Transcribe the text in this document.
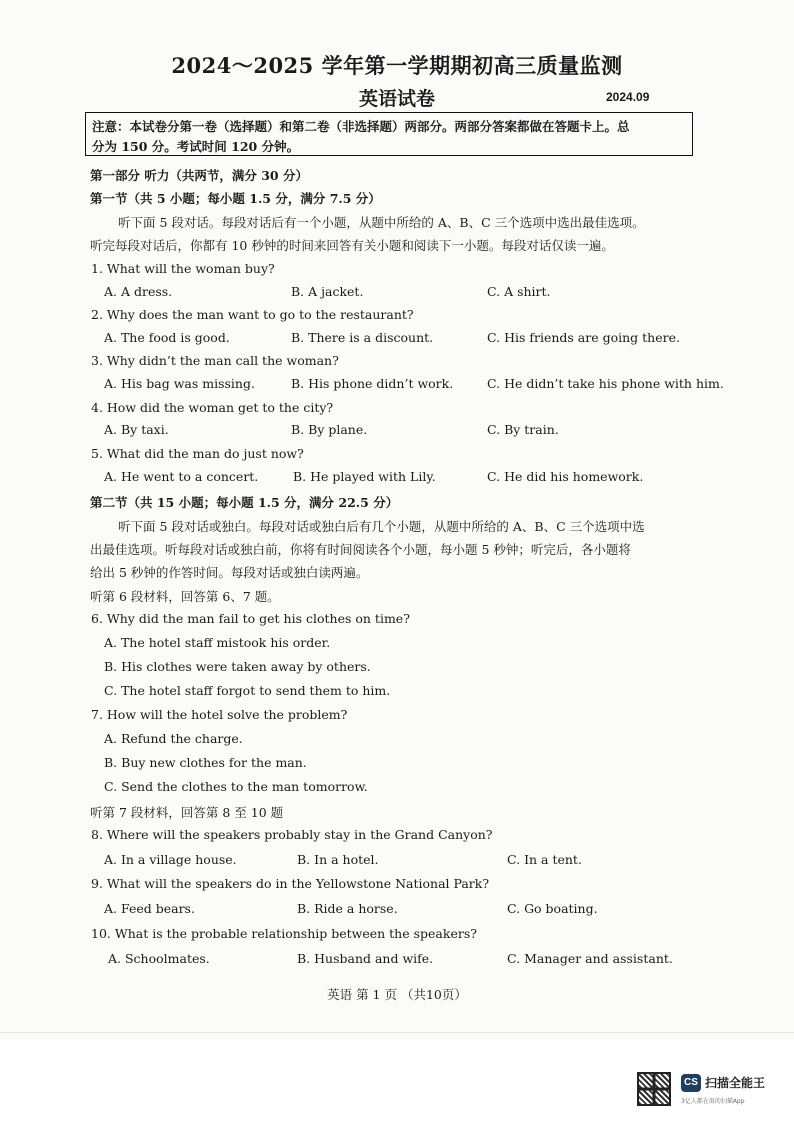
2024～2025 学年第一学期期初高三质量监测
英语试卷	2024.09
注意：本试卷分第一卷（选择题）和第二卷（非选择题）两部分。两部分答案都做在答题卡上。总
分为 150 分。考试时间 120 分钟。
第一部分 听力（共两节，满分 30 分）
第一节（共 5 小题；每小题 1.5 分，满分 7.5 分）
听下面 5 段对话。每段对话后有一个小题，从题中所给的 A、B、C 三个选项中选出最佳选项。
听完每段对话后，你都有 10 秒钟的时间来回答有关小题和阅读下一小题。每段对话仅读一遍。
1. What will the woman buy?
A. A dress.	B. A jacket.	C. A shirt.
2. Why does the man want to go to the restaurant?
A. The food is good.	B. There is a discount.	C. His friends are going there.
3. Why didn’t the man call the woman?
A. His bag was missing.	B. His phone didn’t work.	C. He didn’t take his phone with him.
4. How did the woman get to the city?
A. By taxi.	B. By plane.	C. By train.
5. What did the man do just now?
A. He went to a concert.	B. He played with Lily.	C. He did his homework.
第二节（共 15 小题；每小题 1.5 分，满分 22.5 分）
听下面 5 段对话或独白。每段对话或独白后有几个小题，从题中所给的 A、B、C 三个选项中选
出最佳选项。听每段对话或独白前，你将有时间阅读各个小题，每小题 5 秒钟；听完后，各小题将
给出 5 秒钟的作答时间。每段对话或独白读两遍。
听第 6 段材料，回答第 6、7 题。
6. Why did the man fail to get his clothes on time?
A. The hotel staff mistook his order.
B. His clothes were taken away by others.
C. The hotel staff forgot to send them to him.
7. How will the hotel solve the problem?
A. Refund the charge.
B. Buy new clothes for the man.
C. Send the clothes to the man tomorrow.
听第 7 段材料，回答第 8 至 10 题
8. Where will the speakers probably stay in the Grand Canyon?
A. In a village house.	B. In a hotel.	C. In a tent.
9. What will the speakers do in the Yellowstone National Park?
A. Feed bears.	B. Ride a horse.	C. Go boating.
10. What is the probable relationship between the speakers?
A. Schoolmates.	B. Husband and wife.	C. Manager and assistant.
英语 第 1 页 （共10页）
CS 扫描全能王
3亿人都在用的扫描App
